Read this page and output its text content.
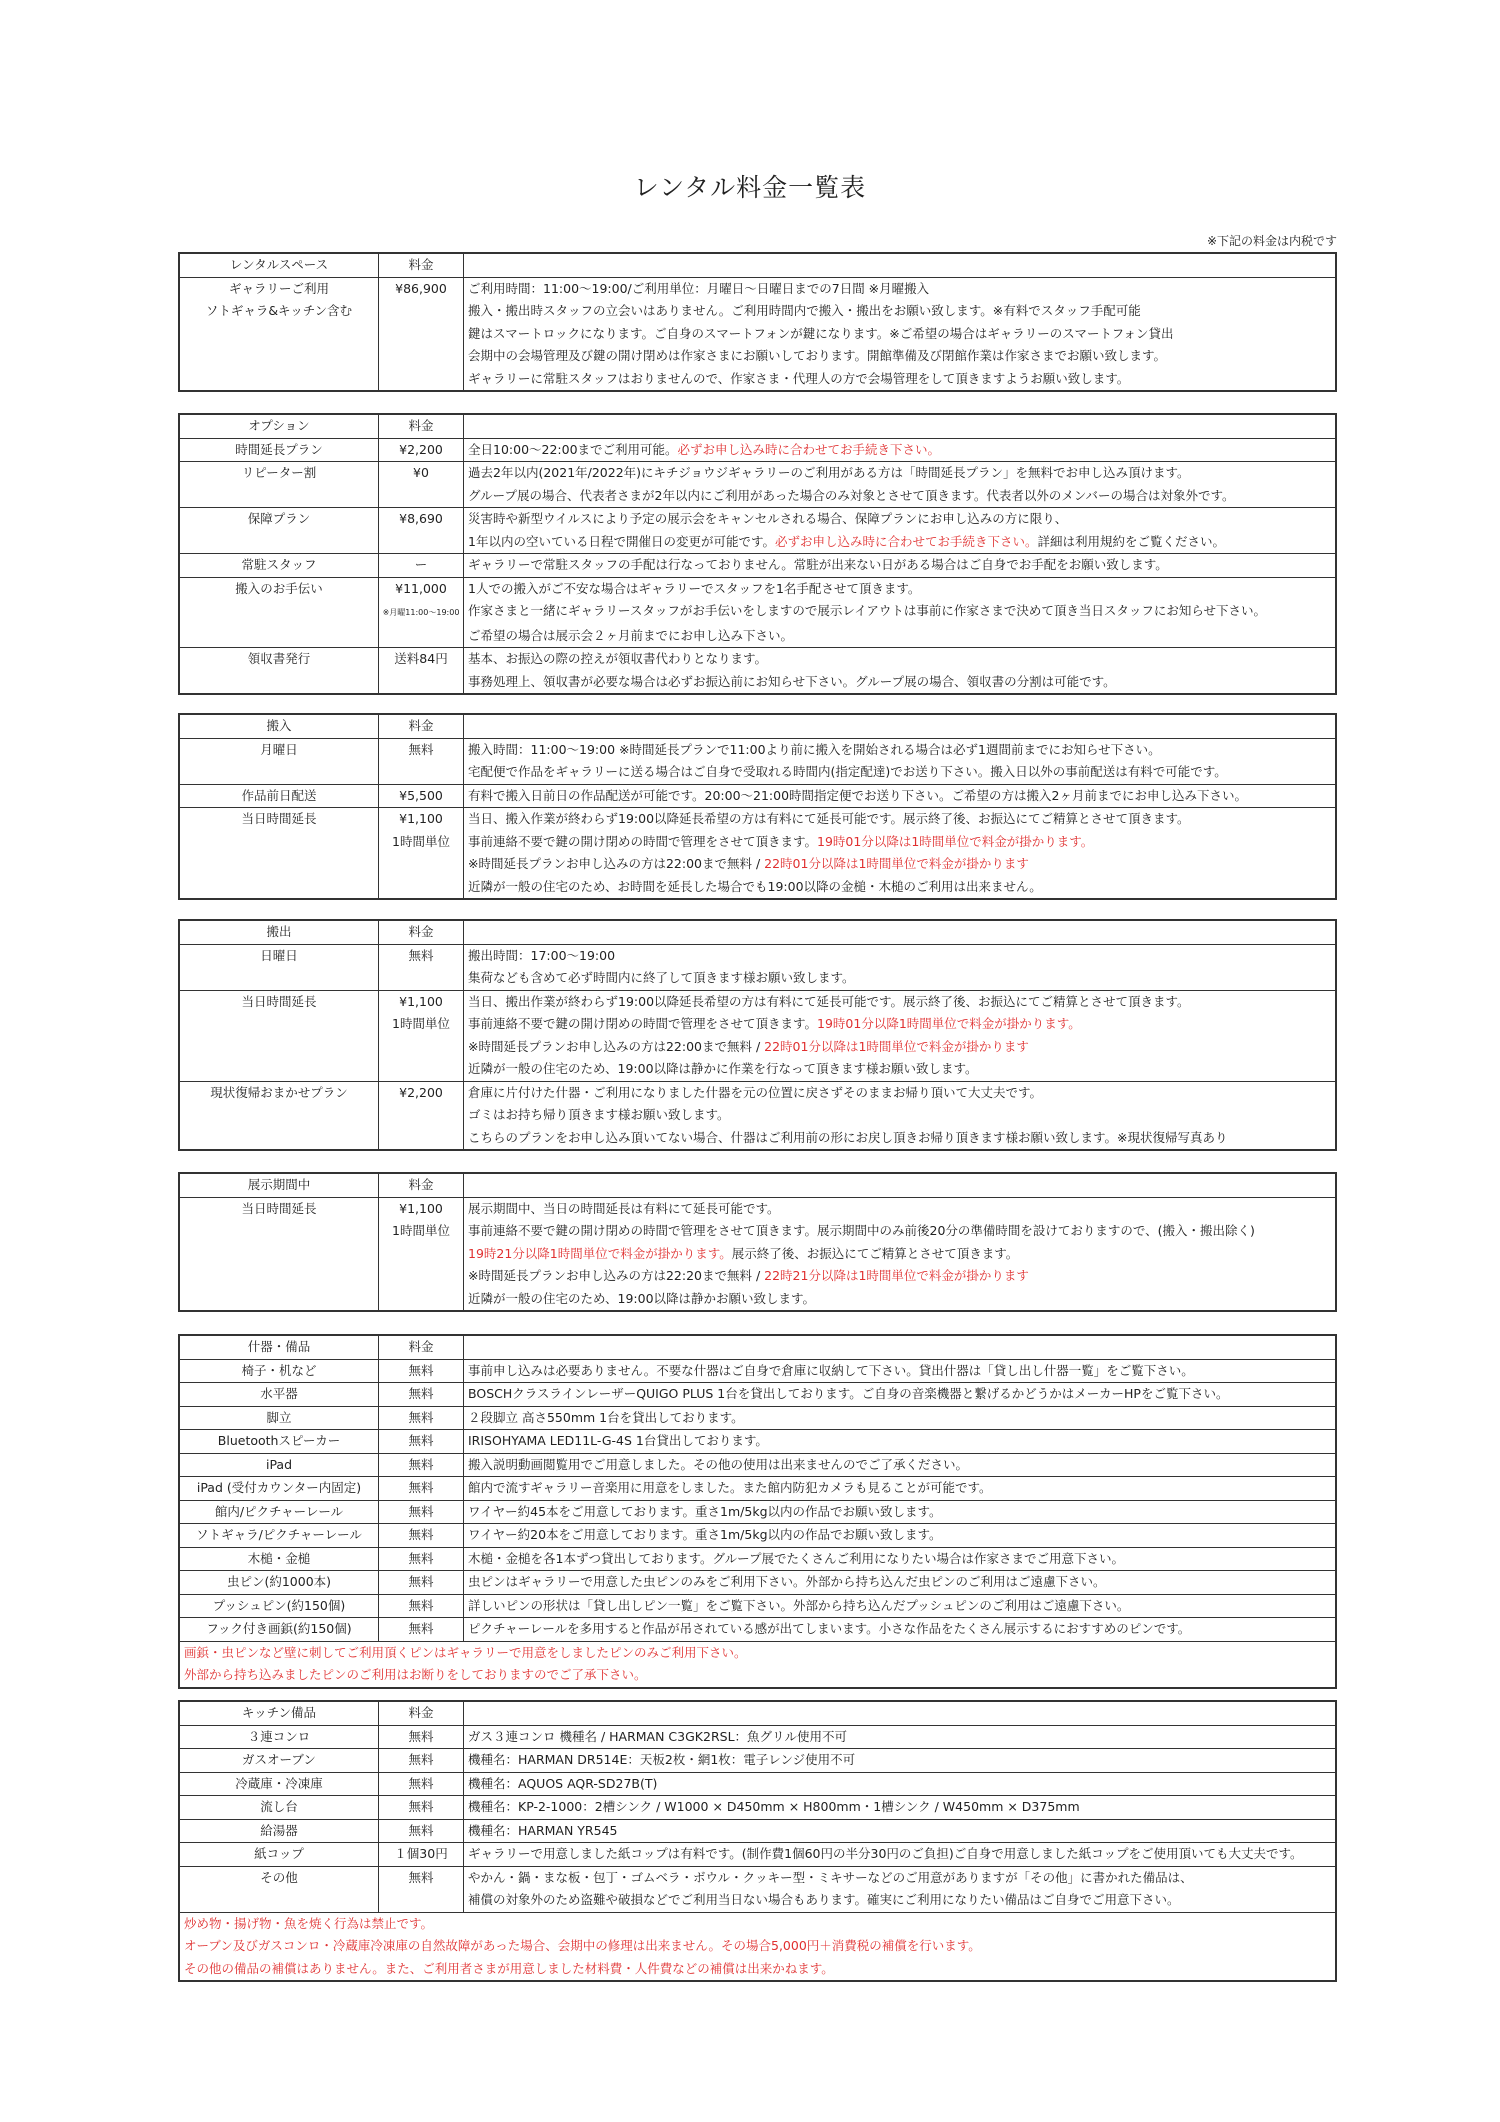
レンタル料金一覧表
※下記の料金は内税です
レンタルスペース	料金	
ギャラリーご利用	¥86,900	ご利用時間：11:00〜19:00/ご利用単位：月曜日〜日曜日までの7日間 ※月曜搬入
ソトギャラ&キッチン含む		搬入・搬出時スタッフの立会いはありません。ご利用時間内で搬入・搬出をお願い致します。※有料でスタッフ手配可能
		鍵はスマートロックになります。ご自身のスマートフォンが鍵になります。※ご希望の場合はギャラリーのスマートフォン貸出
		会期中の会場管理及び鍵の開け閉めは作家さまにお願いしております。開館準備及び閉館作業は作家さまでお願い致します。
		ギャラリーに常駐スタッフはおりませんので、作家さま・代理人の方で会場管理をして頂きますようお願い致します。
オプション	料金	
時間延長プラン	¥2,200	全日10:00〜22:00までご利用可能。必ずお申し込み時に合わせてお手続き下さい。
リピーター割	¥0	過去2年以内(2021年/2022年)にキチジョウジギャラリーのご利用がある方は「時間延長プラン」を無料でお申し込み頂けます。
		グループ展の場合、代表者さまが2年以内にご利用があった場合のみ対象とさせて頂きます。代表者以外のメンバーの場合は対象外です。
保障プラン	¥8,690	災害時や新型ウイルスにより予定の展示会をキャンセルされる場合、保障プランにお申し込みの方に限り、
		1年以内の空いている日程で開催日の変更が可能です。必ずお申し込み時に合わせてお手続き下さい。詳細は利用規約をご覧ください。
常駐スタッフ	ー	ギャラリーで常駐スタッフの手配は行なっておりません。常駐が出来ない日がある場合はご自身でお手配をお願い致します。
搬入のお手伝い	¥11,000	1人での搬入がご不安な場合はギャラリーでスタッフを1名手配させて頂きます。
	※月曜11:00〜19:00	作家さまと一緒にギャラリースタッフがお手伝いをしますので展示レイアウトは事前に作家さまで決めて頂き当日スタッフにお知らせ下さい。
		ご希望の場合は展示会２ヶ月前までにお申し込み下さい。
領収書発行	送料84円	基本、お振込の際の控えが領収書代わりとなります。
		事務処理上、領収書が必要な場合は必ずお振込前にお知らせ下さい。グループ展の場合、領収書の分割は可能です。
搬入	料金	
月曜日	無料	搬入時間：11:00〜19:00 ※時間延長プランで11:00より前に搬入を開始される場合は必ず1週間前までにお知らせ下さい。
		宅配便で作品をギャラリーに送る場合はご自身で受取れる時間内(指定配達)でお送り下さい。搬入日以外の事前配送は有料で可能です。
作品前日配送	¥5,500	有料で搬入日前日の作品配送が可能です。20:00〜21:00時間指定便でお送り下さい。ご希望の方は搬入2ヶ月前までにお申し込み下さい。
当日時間延長	¥1,100	当日、搬入作業が終わらず19:00以降延長希望の方は有料にて延長可能です。展示終了後、お振込にてご精算とさせて頂きます。
	1時間単位	事前連絡不要で鍵の開け閉めの時間で管理をさせて頂きます。19時01分以降は1時間単位で料金が掛かります。
		※時間延長プランお申し込みの方は22:00まで無料 / 22時01分以降は1時間単位で料金が掛かります
		近隣が一般の住宅のため、お時間を延長した場合でも19:00以降の金槌・木槌のご利用は出来ません。
搬出	料金	
日曜日	無料	搬出時間：17:00〜19:00
		集荷なども含めて必ず時間内に終了して頂きます様お願い致します。
当日時間延長	¥1,100	当日、搬出作業が終わらず19:00以降延長希望の方は有料にて延長可能です。展示終了後、お振込にてご精算とさせて頂きます。
	1時間単位	事前連絡不要で鍵の開け閉めの時間で管理をさせて頂きます。19時01分以降1時間単位で料金が掛かります。
		※時間延長プランお申し込みの方は22:00まで無料 / 22時01分以降は1時間単位で料金が掛かります
		近隣が一般の住宅のため、19:00以降は静かに作業を行なって頂きます様お願い致します。
現状復帰おまかせプラン	¥2,200	倉庫に片付けた什器・ご利用になりました什器を元の位置に戻さずそのままお帰り頂いて大丈夫です。
		ゴミはお持ち帰り頂きます様お願い致します。
		こちらのプランをお申し込み頂いてない場合、什器はご利用前の形にお戻し頂きお帰り頂きます様お願い致します。※現状復帰写真あり
展示期間中	料金	
当日時間延長	¥1,100	展示期間中、当日の時間延長は有料にて延長可能です。
	1時間単位	事前連絡不要で鍵の開け閉めの時間で管理をさせて頂きます。展示期間中のみ前後20分の準備時間を設けておりますので、(搬入・搬出除く)
		19時21分以降1時間単位で料金が掛かります。展示終了後、お振込にてご精算とさせて頂きます。
		※時間延長プランお申し込みの方は22:20まで無料 / 22時21分以降は1時間単位で料金が掛かります
		近隣が一般の住宅のため、19:00以降は静かお願い致します。
什器・備品	料金	
椅子・机など	無料	事前申し込みは必要ありません。不要な什器はご自身で倉庫に収納して下さい。貸出什器は「貸し出し什器一覧」をご覧下さい。
水平器	無料	BOSCHクラスラインレーザーQUIGO PLUS 1台を貸出しております。ご自身の音楽機器と繋げるかどうかはメーカーHPをご覧下さい。
脚立	無料	２段脚立 高さ550mm 1台を貸出しております。
Bluetoothスピーカー	無料	IRISOHYAMA LED11L-G-4S 1台貸出しております。
iPad	無料	搬入説明動画閲覧用でご用意しました。その他の使用は出来ませんのでご了承ください。
iPad (受付カウンター内固定)	無料	館内で流すギャラリー音楽用に用意をしました。また館内防犯カメラも見ることが可能です。
館内/ピクチャーレール	無料	ワイヤー約45本をご用意しております。重さ1m/5kg以内の作品でお願い致します。
ソトギャラ/ピクチャーレール	無料	ワイヤー約20本をご用意しております。重さ1m/5kg以内の作品でお願い致します。
木槌・金槌	無料	木槌・金槌を各1本ずつ貸出しております。グループ展でたくさんご利用になりたい場合は作家さまでご用意下さい。
虫ピン(約1000本)	無料	虫ピンはギャラリーで用意した虫ピンのみをご利用下さい。外部から持ち込んだ虫ピンのご利用はご遠慮下さい。
プッシュピン(約150個)	無料	詳しいピンの形状は「貸し出しピン一覧」をご覧下さい。外部から持ち込んだプッシュピンのご利用はご遠慮下さい。
フック付き画鋲(約150個)	無料	ピクチャーレールを多用すると作品が吊されている感が出てしまいます。小さな作品をたくさん展示するにおすすめのピンです。
画鋲・虫ピンなど壁に刺してご利用頂くピンはギャラリーで用意をしましたピンのみご利用下さい。
外部から持ち込みましたピンのご利用はお断りをしておりますのでご了承下さい。
キッチン備品	料金	
３連コンロ	無料	ガス３連コンロ 機種名 / HARMAN C3GK2RSL：魚グリル使用不可
ガスオーブン	無料	機種名：HARMAN DR514E：天板2枚・網1枚：電子レンジ使用不可
冷蔵庫・冷凍庫	無料	機種名：AQUOS AQR-SD27B(T)
流し台	無料	機種名：KP-2-1000：2槽シンク / W1000 × D450mm × H800mm・1槽シンク / W450mm × D375mm
給湯器	無料	機種名：HARMAN YR545
紙コップ	１個30円	ギャラリーで用意しました紙コップは有料です。(制作費1個60円の半分30円のご負担)ご自身で用意しました紙コップをご使用頂いても大丈夫です。
その他	無料	やかん・鍋・まな板・包丁・ゴムベラ・ボウル・クッキー型・ミキサーなどのご用意がありますが「その他」に書かれた備品は、
		補償の対象外のため盗難や破損などでご利用当日ない場合もあります。確実にご利用になりたい備品はご自身でご用意下さい。
炒め物・揚げ物・魚を焼く行為は禁止です。
オーブン及びガスコンロ・冷蔵庫冷凍庫の自然故障があった場合、会期中の修理は出来ません。その場合5,000円＋消費税の補償を行います。
その他の備品の補償はありません。また、ご利用者さまが用意しました材料費・人件費などの補償は出来かねます。
